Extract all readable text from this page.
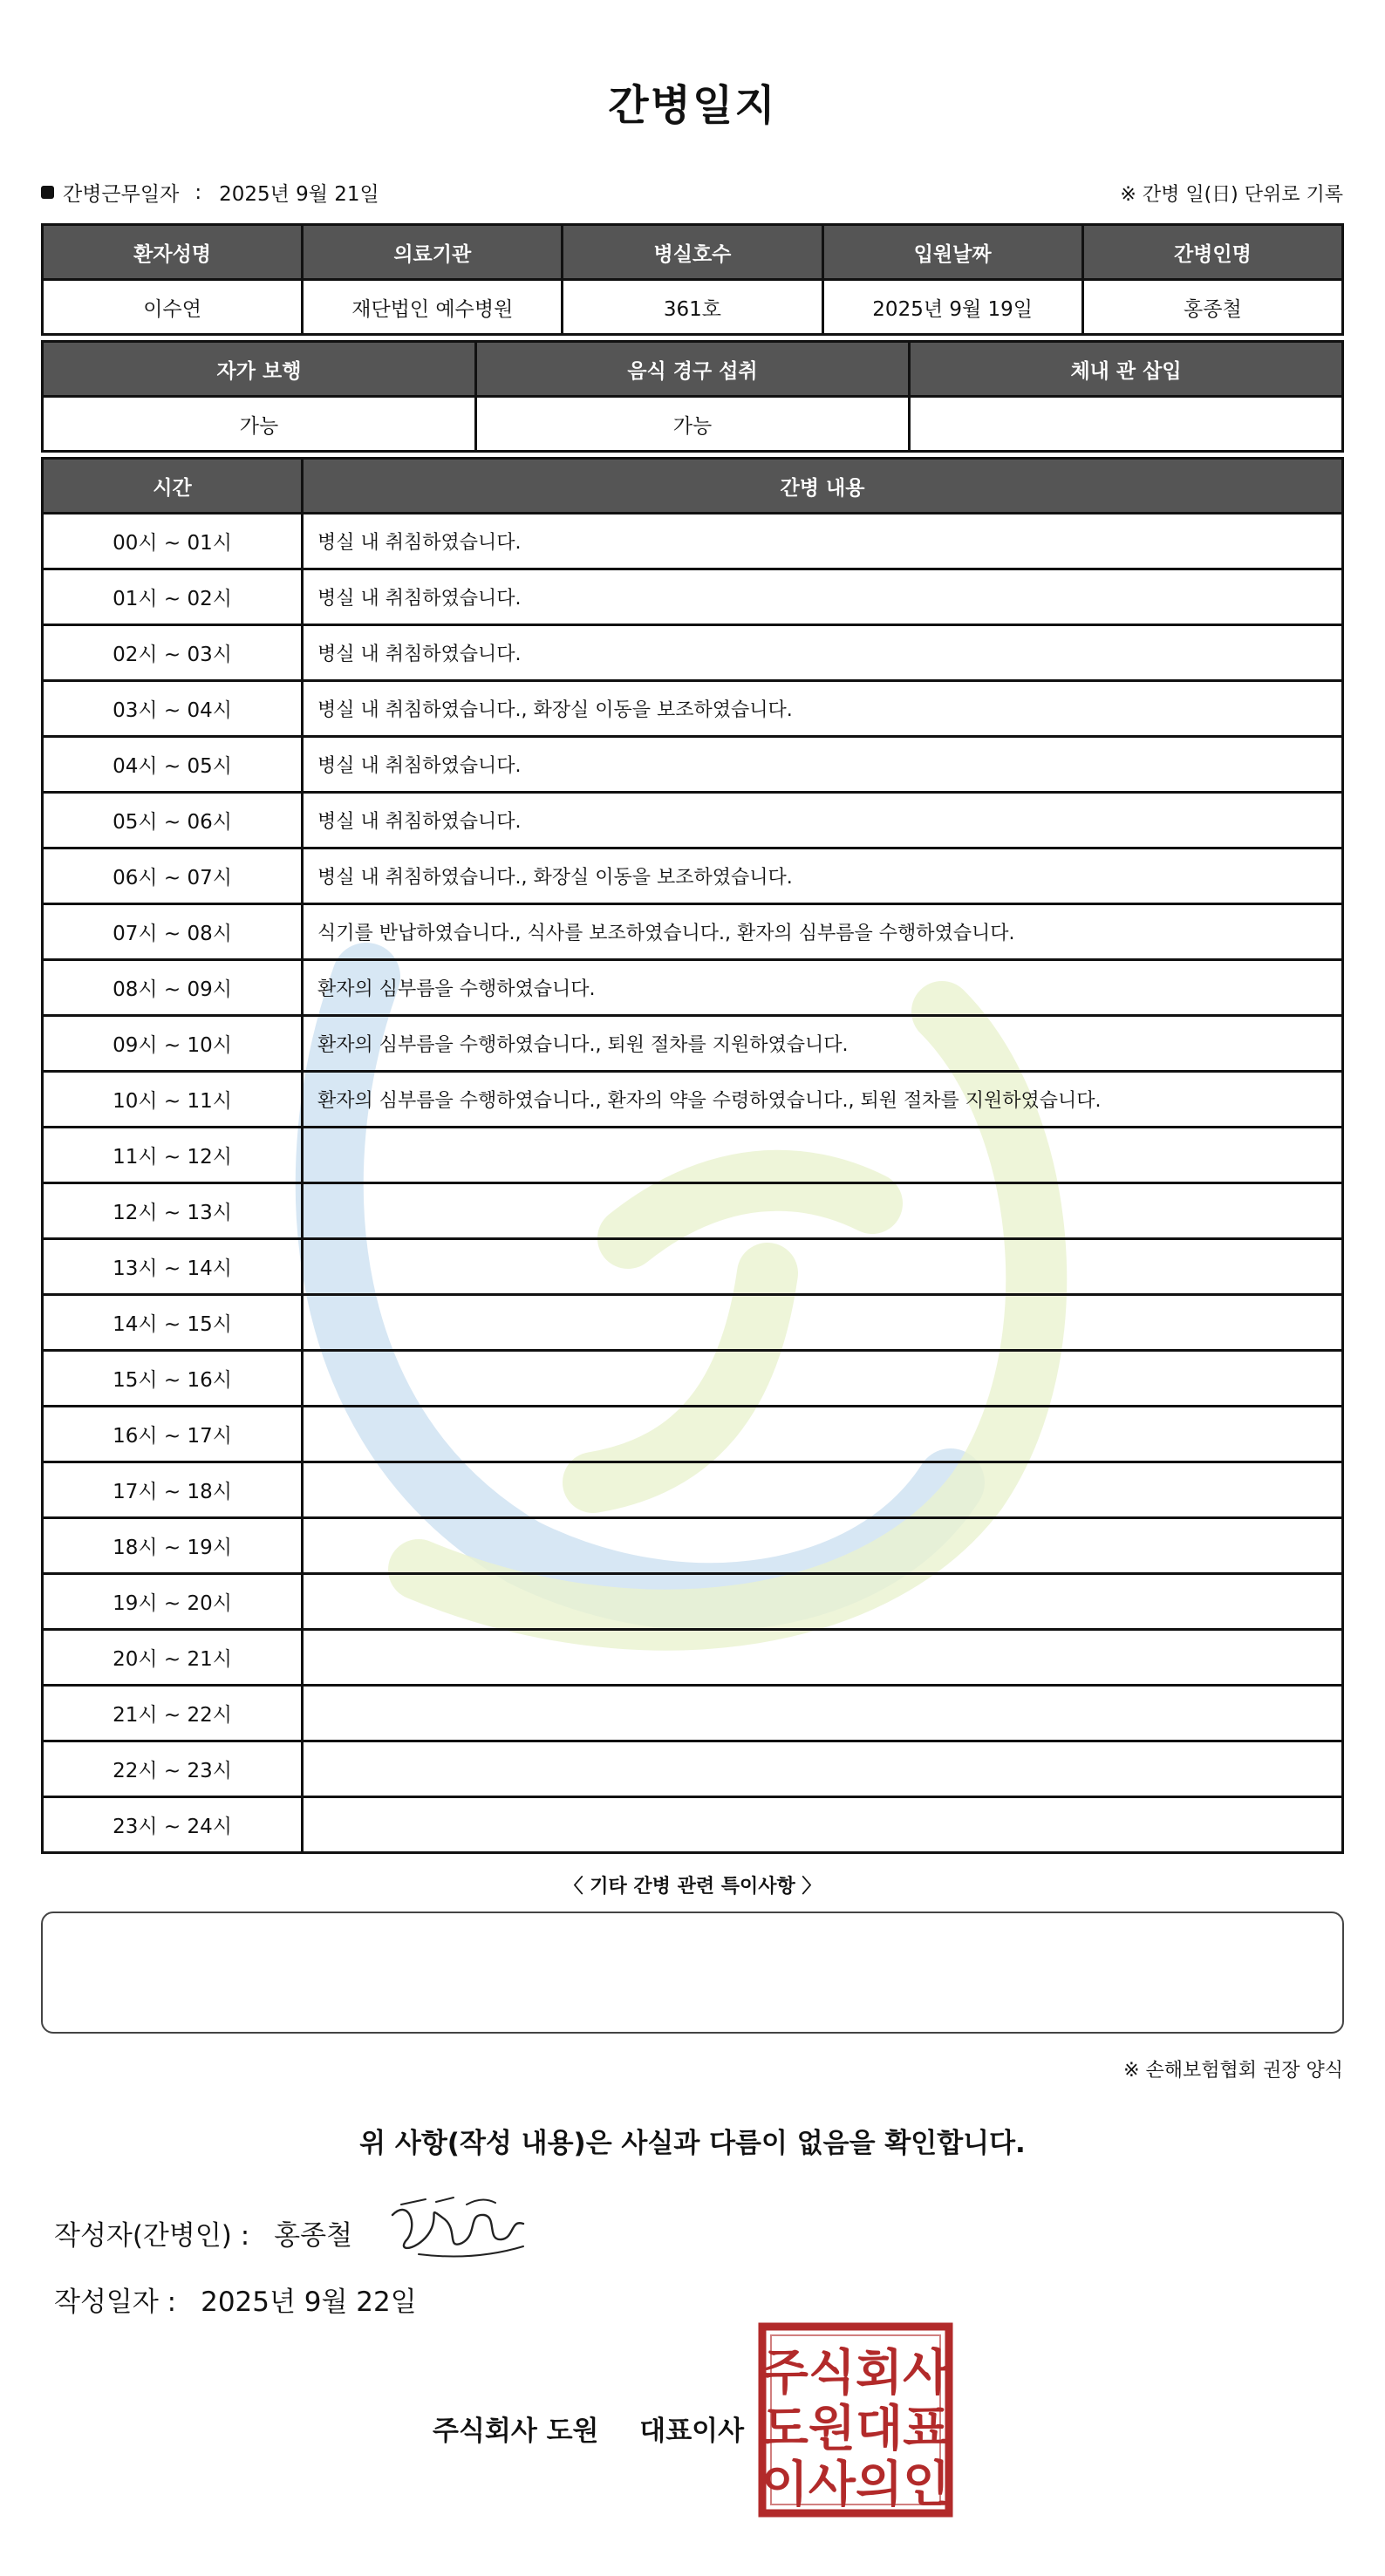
간병일지
간병근무일자 : 2025년 9월 21일	※ 간병 일(日) 단위로 기록
환자성명	의료기관	병실호수	입원날짜	간병인명
이수연	재단법인 예수병원	361호	2025년 9월 19일	홍종철
자가 보행	음식 경구 섭취	체내 관 삽입
가능	가능	
시간	간병 내용
00시 ~ 01시	병실 내 취침하였습니다.
01시 ~ 02시	병실 내 취침하였습니다.
02시 ~ 03시	병실 내 취침하였습니다.
03시 ~ 04시	병실 내 취침하였습니다., 화장실 이동을 보조하였습니다.
04시 ~ 05시	병실 내 취침하였습니다.
05시 ~ 06시	병실 내 취침하였습니다.
06시 ~ 07시	병실 내 취침하였습니다., 화장실 이동을 보조하였습니다.
07시 ~ 08시	식기를 반납하였습니다., 식사를 보조하였습니다., 환자의 심부름을 수행하였습니다.
08시 ~ 09시	환자의 심부름을 수행하였습니다.
09시 ~ 10시	환자의 심부름을 수행하였습니다., 퇴원 절차를 지원하였습니다.
10시 ~ 11시	환자의 심부름을 수행하였습니다., 환자의 약을 수령하였습니다., 퇴원 절차를 지원하였습니다.
11시 ~ 12시	
12시 ~ 13시	
13시 ~ 14시	
14시 ~ 15시	
15시 ~ 16시	
16시 ~ 17시	
17시 ~ 18시	
18시 ~ 19시	
19시 ~ 20시	
20시 ~ 21시	
21시 ~ 22시	
22시 ~ 23시	
23시 ~ 24시	
〈 기타 간병 관련 특이사항 〉
※ 손해보험협회 권장 양식
위 사항(작성 내용)은 사실과 다름이 없음을 확인합니다.
작성자(간병인) : 홍종철
작성일자 : 2025년 9월 22일
주식회사 도원 대표이사
주식회사
도원대표
이사의인
